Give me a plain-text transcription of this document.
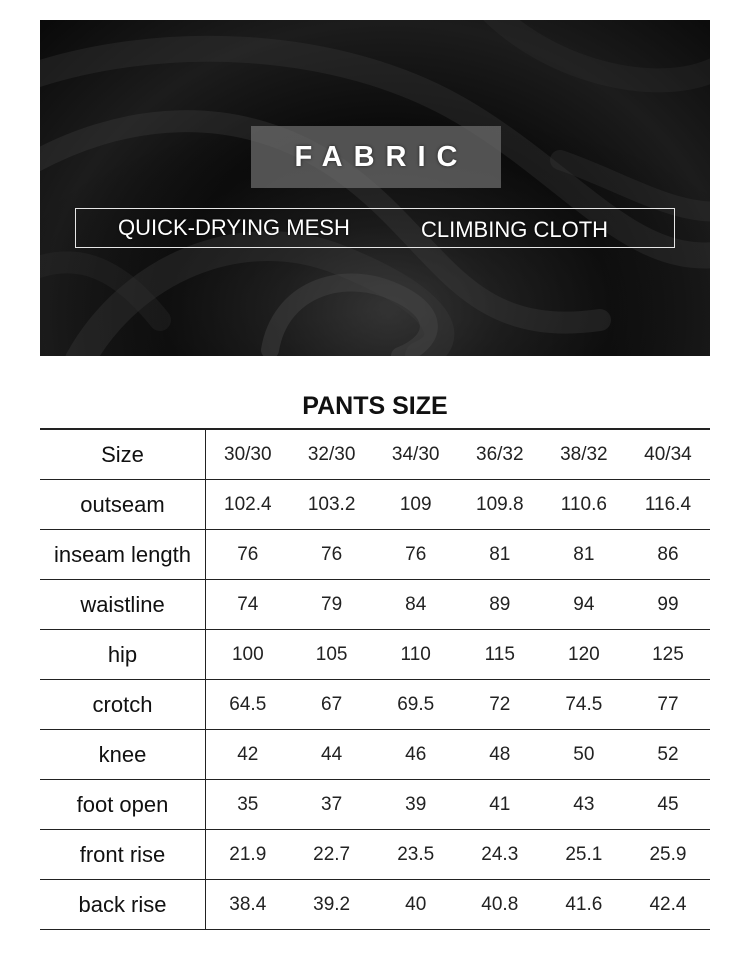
FABRIC
QUICK-DRYING MESH	CLIMBING CLOTH
PANTS SIZE
Size	30/30	32/30	34/30	36/32	38/32	40/34
outseam	102.4	103.2	109	109.8	110.6	116.4
inseam length	76	76	76	81	81	86
waistline	74	79	84	89	94	99
hip	100	105	110	115	120	125
crotch	64.5	67	69.5	72	74.5	77
knee	42	44	46	48	50	52
foot open	35	37	39	41	43	45
front rise	21.9	22.7	23.5	24.3	25.1	25.9
back rise	38.4	39.2	40	40.8	41.6	42.4
